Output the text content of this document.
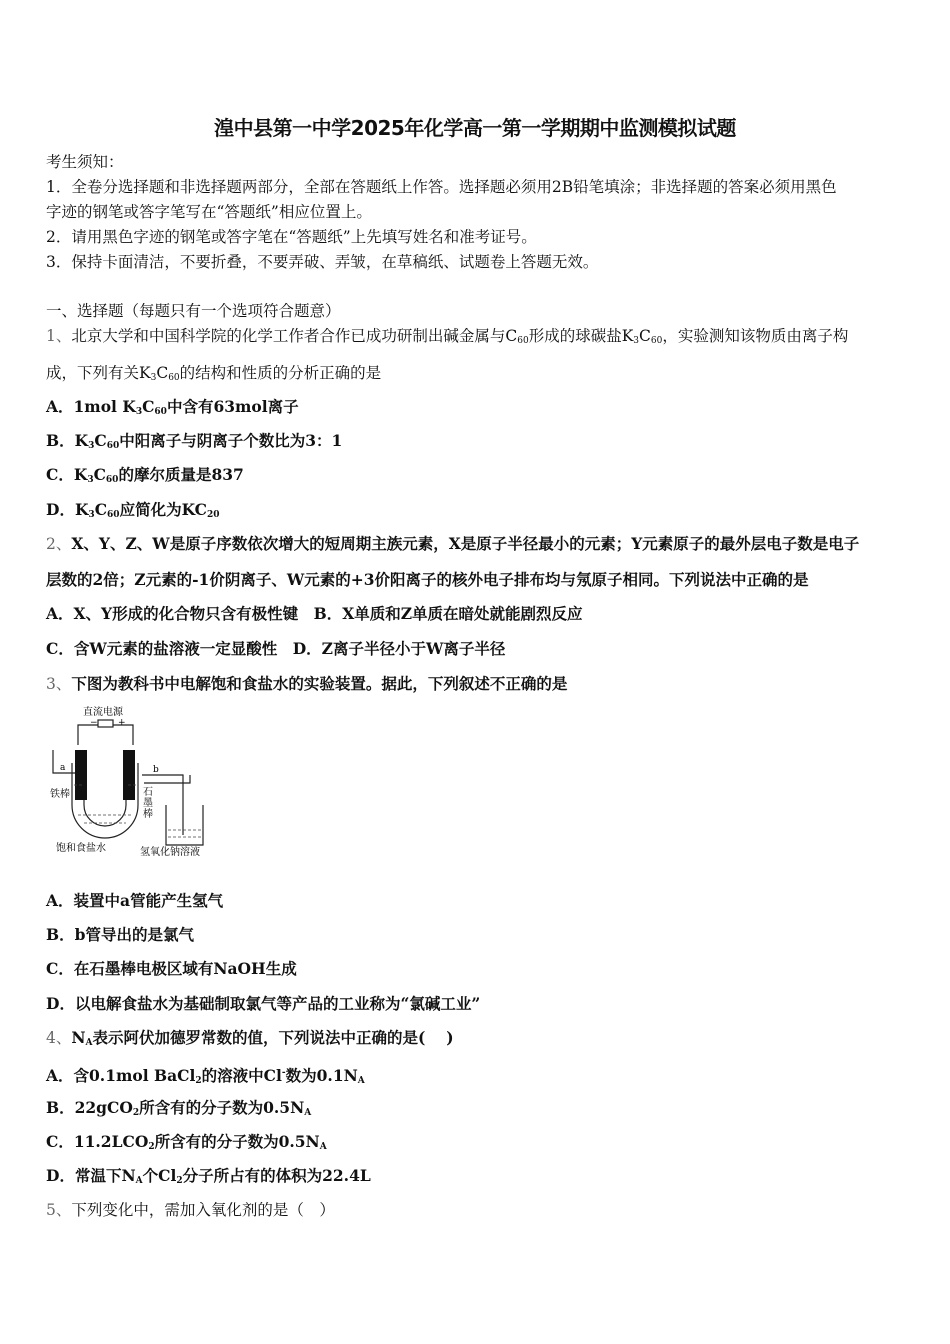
湟中县第一中学2025年化学高一第一学期期中监测模拟试题
考生须知：
1．全卷分选择题和非选择题两部分，全部在答题纸上作答。选择题必须用2B铅笔填涂；非选择题的答案必须用黑色
字迹的钢笔或答字笔写在“答题纸”相应位置上。
2．请用黑色字迹的钢笔或答字笔在“答题纸”上先填写姓名和准考证号。
3．保持卡面清洁，不要折叠，不要弄破、弄皱，在草稿纸、试题卷上答题无效。
一、选择题（每题只有一个选项符合题意）
1、北京大学和中国科学院的化学工作者合作已成功研制出碱金属与$C_{60}$形成的球碳盐$K_3C_{60}$，实验测知该物质由离子构
成，下列有关$K_3C_{60}$的结构和性质的分析正确的是
A．1mol $K_3C_{60}$中含有63mol离子
B．$K_3C_{60}$中阳离子与阴离子个数比为3：1
C．$K_3C_{60}$的摩尔质量是837
D．$K_3C_{60}$应简化为$KC_{20}$
2、X、Y、Z、W是原子序数依次增大的短周期主族元素，X是原子半径最小的元素；Y元素原子的最外层电子数是电子
层数的2倍；Z元素的-1价阴离子、W元素的+3价阳离子的核外电子排布均与氖原子相同。下列说法中正确的是
A．X、Y形成的化合物只含有极性键　B．X单质和Z单质在暗处就能剧烈反应
C．含W元素的盐溶液一定显酸性　D．Z离子半径小于W离子半径
3、下图为教科书中电解饱和食盐水的实验装置。据此，下列叙述不正确的是
A．装置中a管能产生氢气
B．b管导出的是氯气
C．在石墨棒电极区域有NaOH生成
D．以电解食盐水为基础制取氯气等产品的工业称为“氯碱工业”
4、$N_A$表示阿伏加德罗常数的值，下列说法中正确的是(　 )
A．含0.1mol BaCl$_2$的溶液中Cl-数为$0.1N_A$
B．22gCO$_2$所含有的分子数为$0.5N_A$
C．$11.2LCO_2$所含有的分子数为$0.5N_A$
D．常温下$N_A$个$Cl_2$分子所占有的体积为22.4L
5、下列变化中，需加入氧化剂的是（　）
直流电源
− +
a	b
铁棒	石
墨
棒
饱和食盐水	氢氧化钠溶液
